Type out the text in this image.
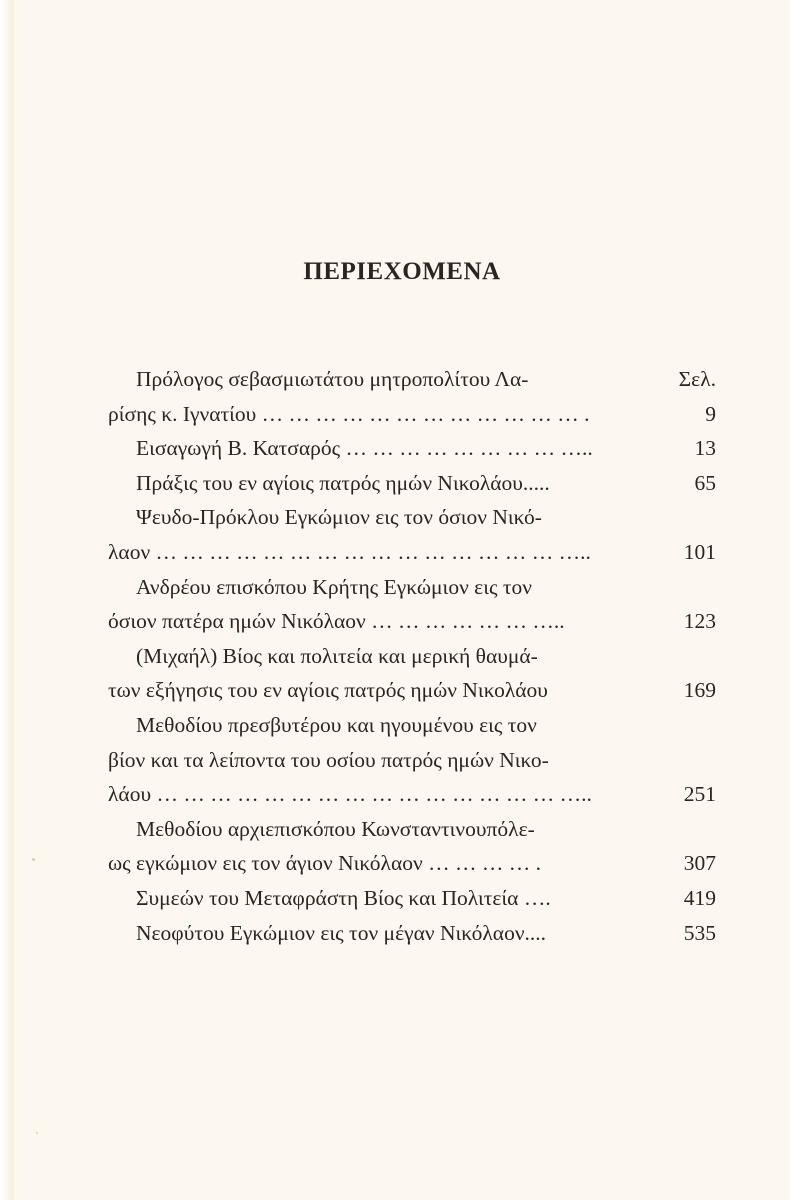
ΠΕΡΙΕΧΟΜΕΝΑ
Πρόλογος σεβασμιωτάτου μητροπολίτου Λα-	Σελ.
ρίσης κ. Ιγνατίου … … … … … … … … … … … … .	9
Εισαγωγή Β. Κατσαρός … … … … … … … … …..	13
Πράξις του εν αγίοις πατρός ημών Νικολάου.....	65
Ψευδο-Πρόκλου Εγκώμιον εις τον όσιον Νικό-
λαον … … … … … … … … … … … … … … … …..	101
Ανδρέου επισκόπου Κρήτης Εγκώμιον εις τον
όσιον πατέρα ημών Νικόλαον … … … … … … …..	123
(Μιχαήλ) Βίος και πολιτεία και μερική θαυμά-
των εξήγησις του εν αγίοις πατρός ημών Νικολάου	169
Μεθοδίου πρεσβυτέρου και ηγουμένου εις τον
βίον και τα λείποντα του οσίου πατρός ημών Νικο-
λάου … … … … … … … … … … … … … … … …..	251
Μεθοδίου αρχιεπισκόπου Κωνσταντινουπόλε-
ως εγκώμιον εις τον άγιον Νικόλαον … … … … .	307
Συμεών του Μεταφράστη Βίος και Πολιτεία ….	419
Νεοφύτου Εγκώμιον εις τον μέγαν Νικόλαον....	535
